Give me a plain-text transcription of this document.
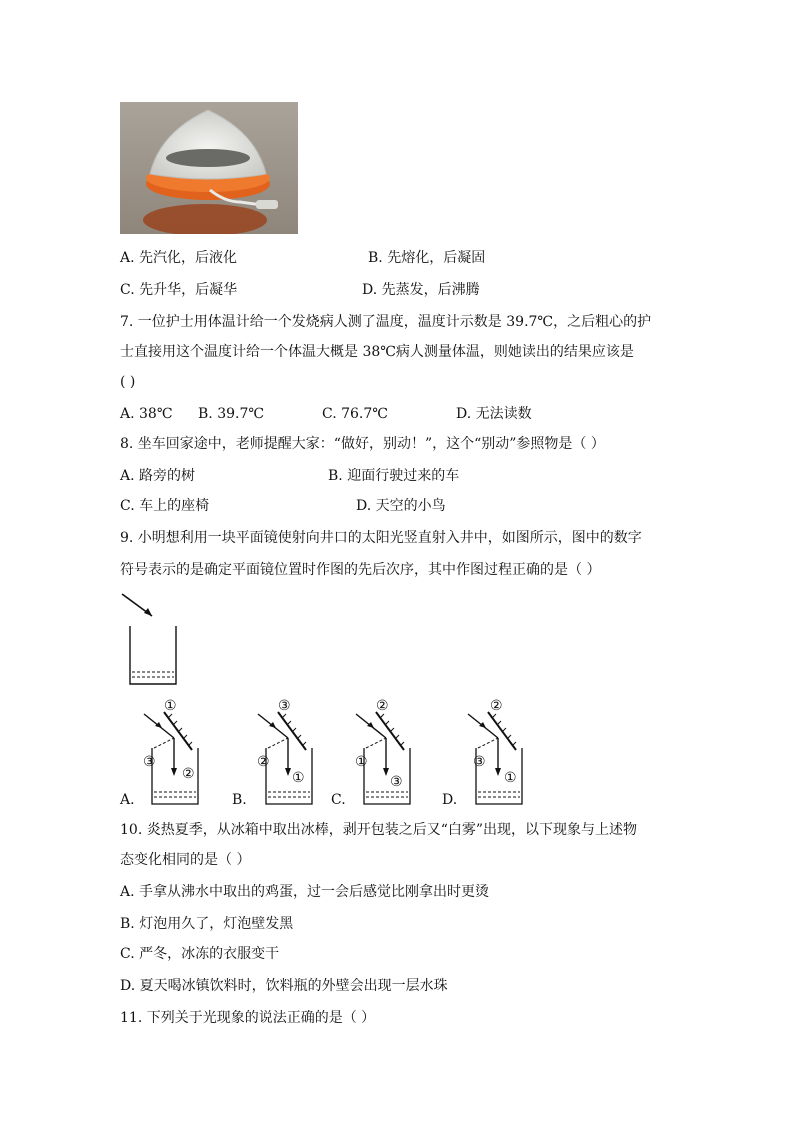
A. 先汽化，后液化	B. 先熔化，后凝固
C. 先升华，后凝华	D. 先蒸发，后沸腾
7. 一位护士用体温计给一个发烧病人测了温度，温度计示数是 39.7℃，之后粗心的护
士直接用这个温度计给一个体温大概是 38℃病人测量体温，则她读出的结果应该是
( )
A. 38℃ B. 39.7℃	C. 76.7℃	D. 无法读数
8. 坐车回家途中，老师提醒大家：“做好，别动！”，这个“别动”参照物是（ ）
A. 路旁的树	B. 迎面行驶过来的车
C. 车上的座椅	D. 天空的小鸟
9. 小明想利用一块平面镜使射向井口的太阳光竖直射入井中，如图所示，图中的数字
符号表示的是确定平面镜位置时作图的先后次序，其中作图过程正确的是（ ）
①
③
②
A.
③
②
①
B.
②
①
③
C.
②
③
①
D.
10. 炎热夏季，从冰箱中取出冰棒，剥开包装之后又“白雾”出现，以下现象与上述物
态变化相同的是（ ）
A. 手拿从沸水中取出的鸡蛋，过一会后感觉比刚拿出时更烫
B. 灯泡用久了，灯泡壁发黑
C. 严冬，冰冻的衣服变干
D. 夏天喝冰镇饮料时，饮料瓶的外壁会出现一层水珠
11. 下列关于光现象的说法正确的是（ ）
